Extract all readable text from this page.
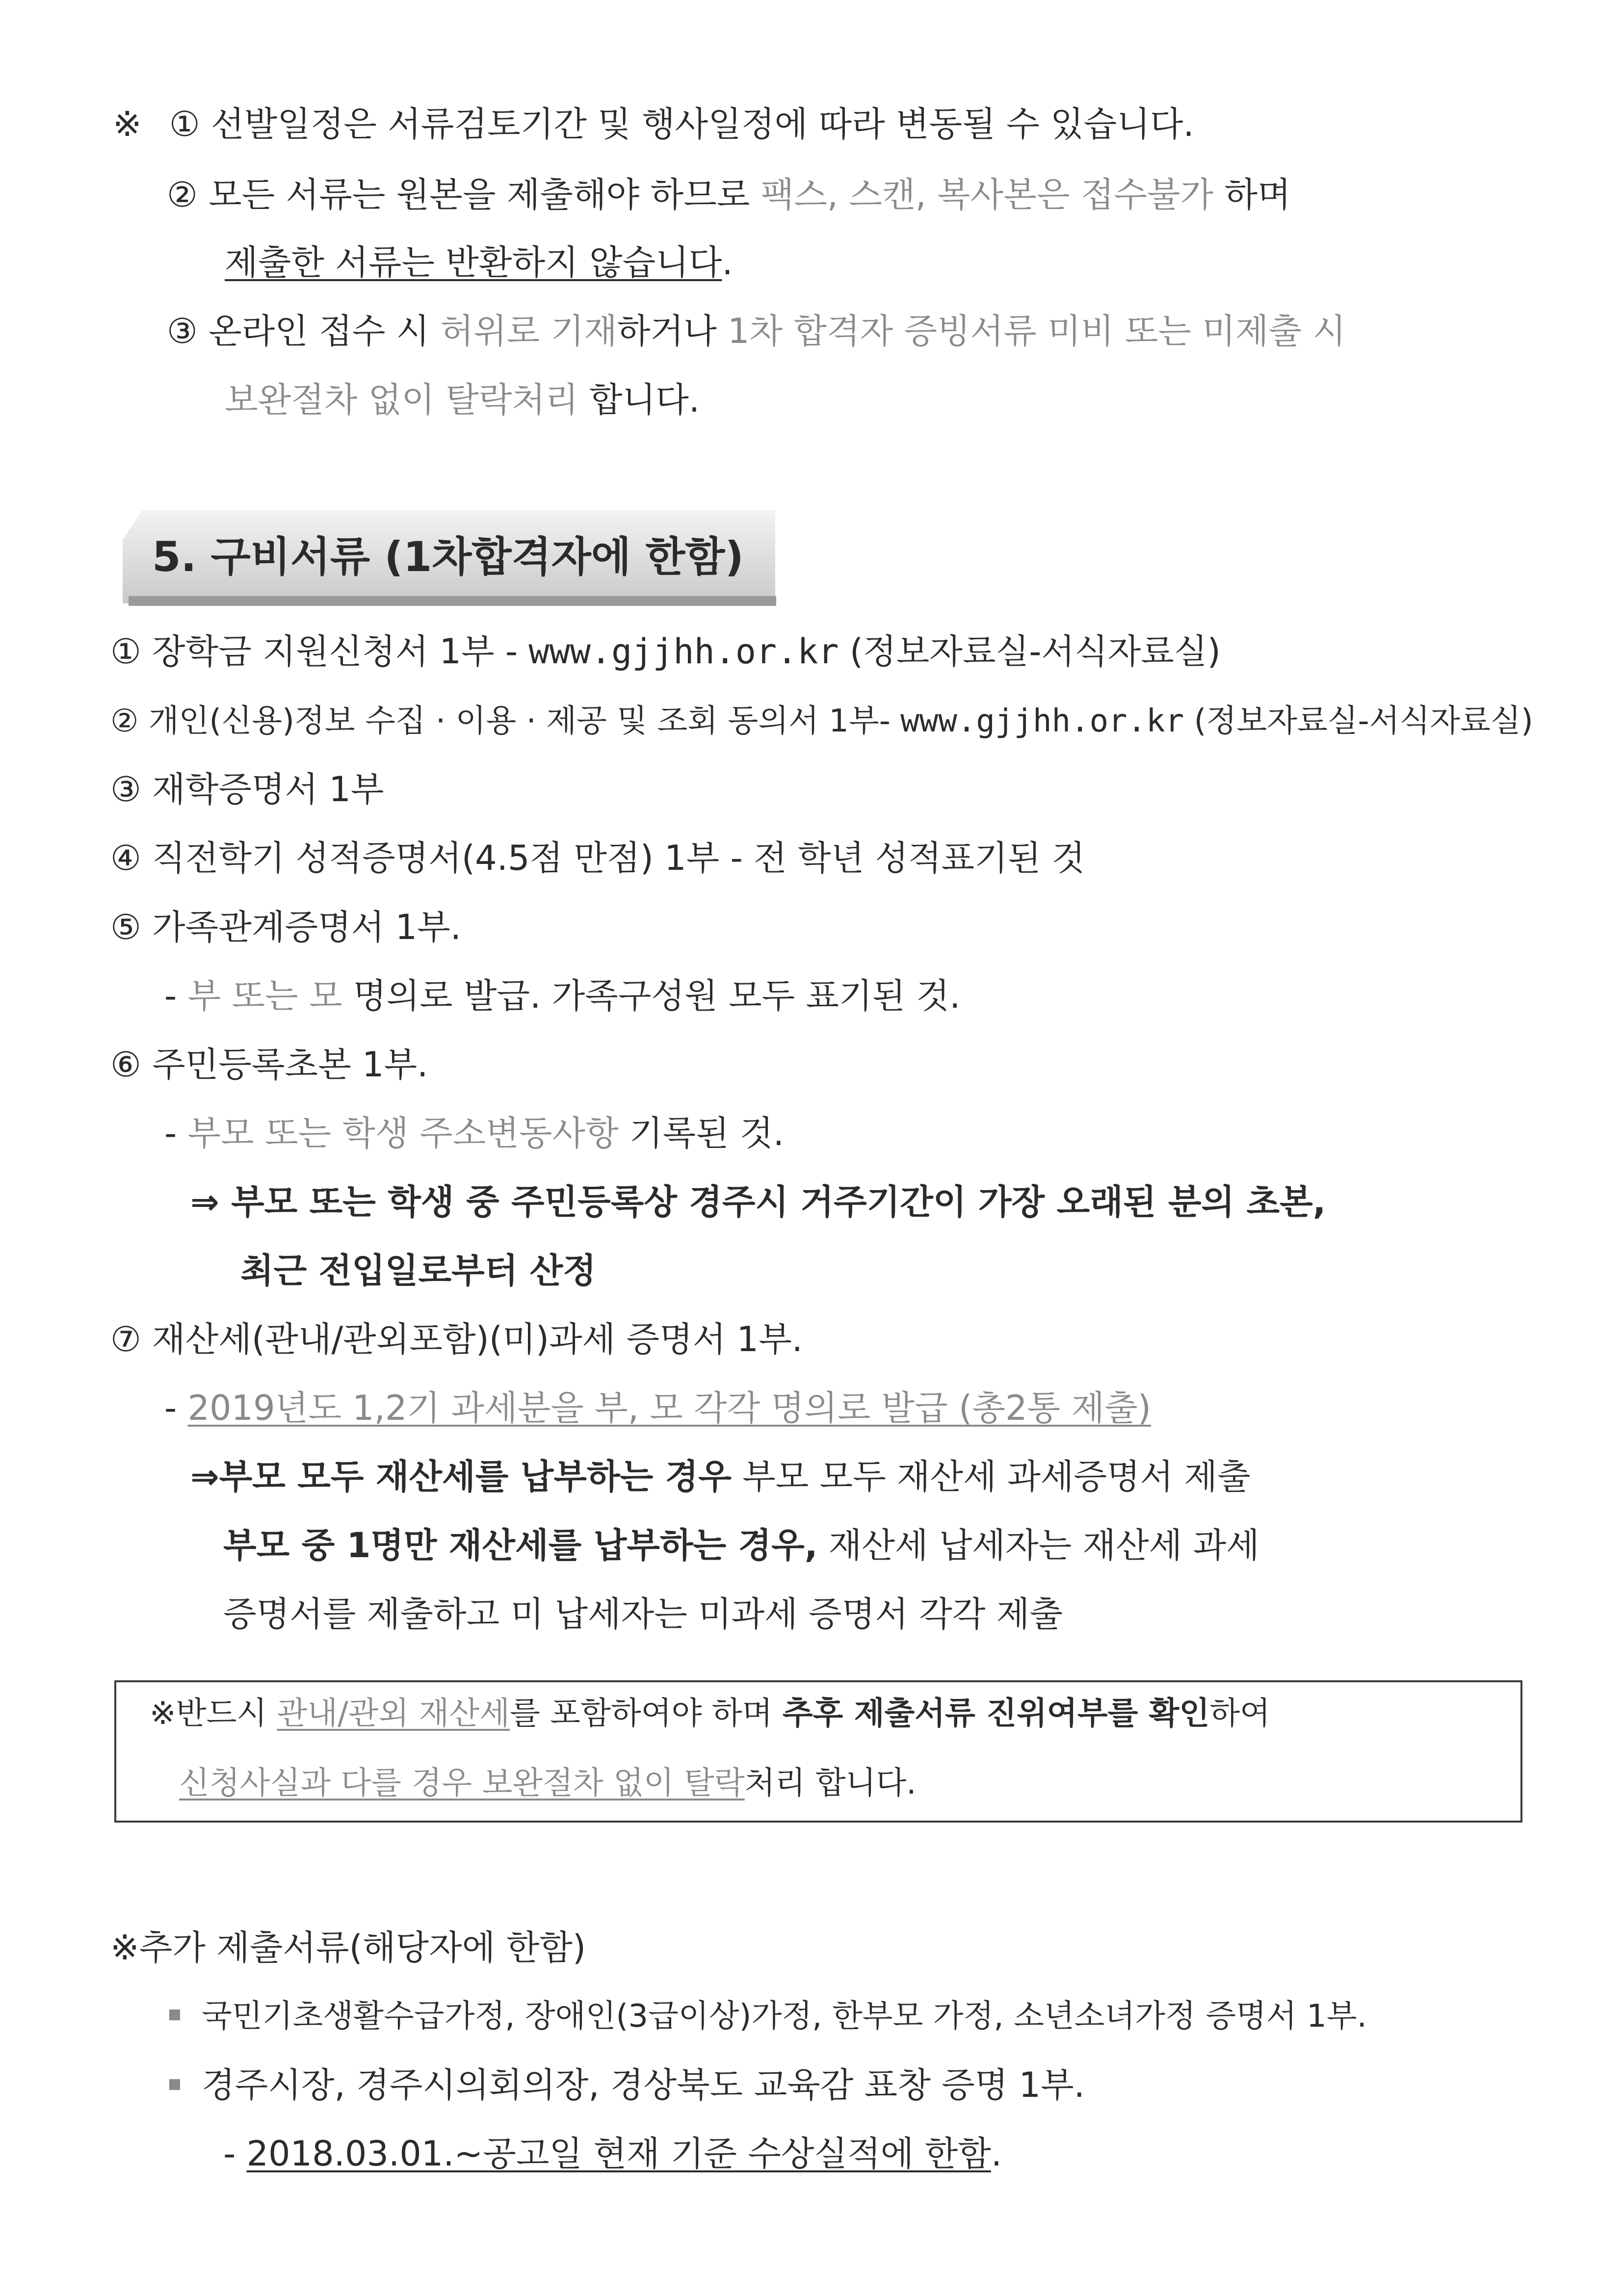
※ ① 선발일정은 서류검토기간 및 행사일정에 따라 변동될 수 있습니다.
② 모든 서류는 원본을 제출해야 하므로 팩스, 스캔, 복사본은 접수불가 하며
제출한 서류는 반환하지 않습니다.
③ 온라인 접수 시 허위로 기재하거나 1차 합격자 증빙서류 미비 또는 미제출 시
보완절차 없이 탈락처리 합니다.
5. 구비서류 (1차합격자에 한함)
① 장학금 지원신청서 1부 - www.gjjhh.or.kr (정보자료실-서식자료실)
② 개인(신용)정보 수집 · 이용 · 제공 및 조회 동의서 1부- www.gjjhh.or.kr (정보자료실-서식자료실)
③ 재학증명서 1부
④ 직전학기 성적증명서(4.5점 만점) 1부 - 전 학년 성적표기된 것
⑤ 가족관계증명서 1부.
- 부 또는 모 명의로 발급. 가족구성원 모두 표기된 것.
⑥ 주민등록초본 1부.
- 부모 또는 학생 주소변동사항 기록된 것.
⇒ 부모 또는 학생 중 주민등록상 경주시 거주기간이 가장 오래된 분의 초본,
최근 전입일로부터 산정
⑦ 재산세(관내/관외포함)(미)과세 증명서 1부.
- 2019년도 1,2기 과세분을 부, 모 각각 명의로 발급 (총2통 제출)
⇒부모 모두 재산세를 납부하는 경우 부모 모두 재산세 과세증명서 제출
부모 중 1명만 재산세를 납부하는 경우, 재산세 납세자는 재산세 과세
증명서를 제출하고 미 납세자는 미과세 증명서 각각 제출
※반드시 관내/관외 재산세를 포함하여야 하며 추후 제출서류 진위여부를 확인하여
신청사실과 다를 경우 보완절차 없이 탈락처리 합니다.
※추가 제출서류(해당자에 한함)
국민기초생활수급가정, 장애인(3급이상)가정, 한부모 가정, 소년소녀가정 증명서 1부.
경주시장, 경주시의회의장, 경상북도 교육감 표창 증명 1부.
- 2018.03.01.~공고일 현재 기준 수상실적에 한함.
